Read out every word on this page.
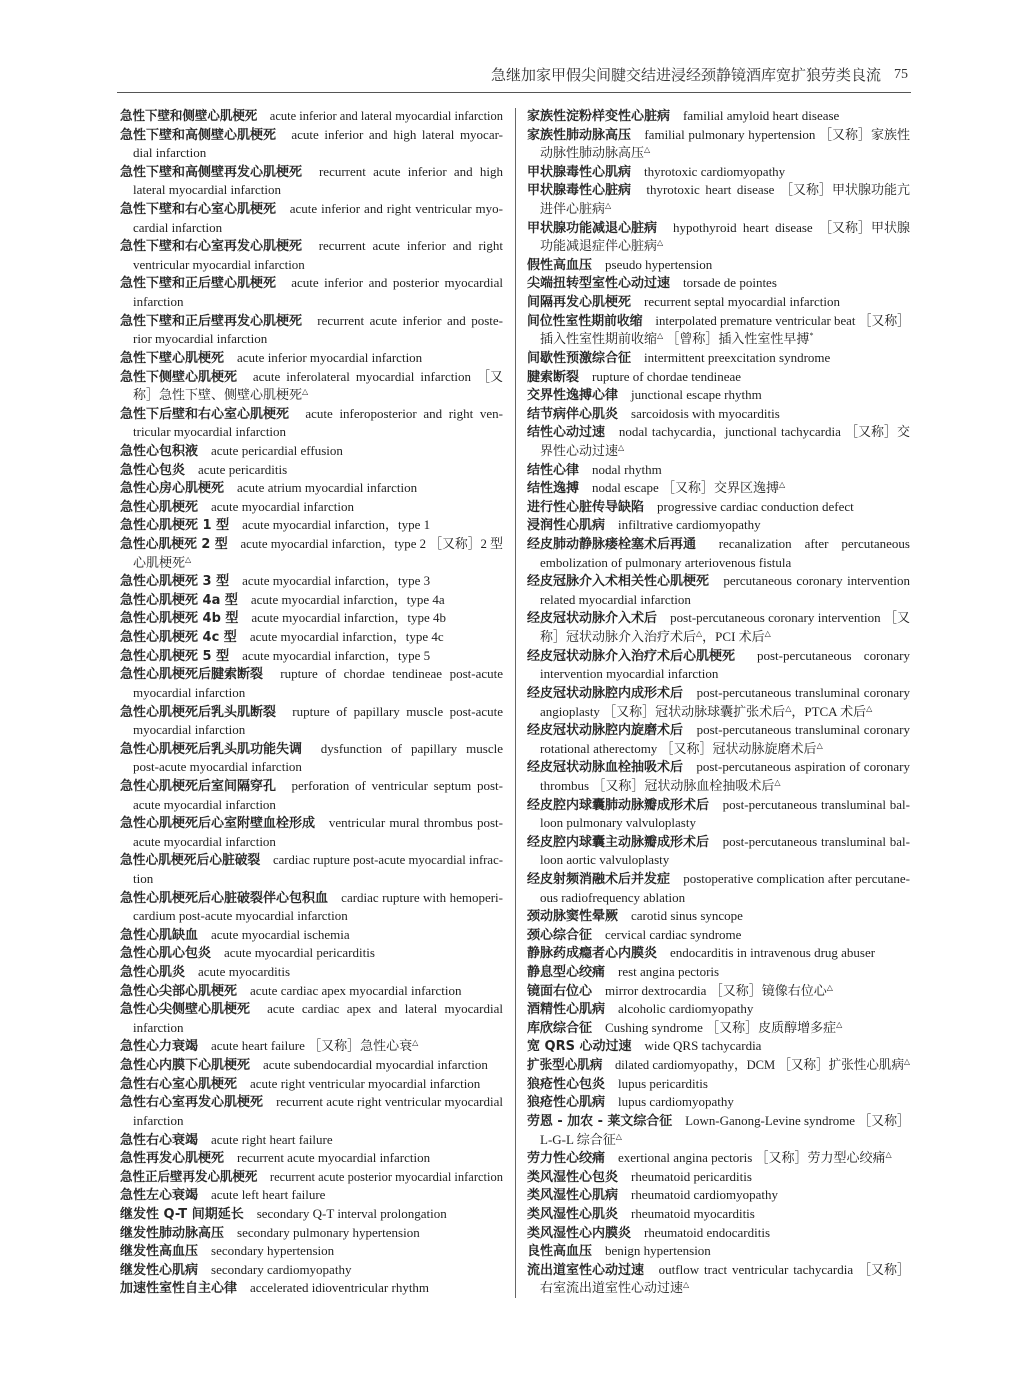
急继加家甲假尖间腱交结进浸经颈静镜酒库宽扩狼劳类良流 75
急性下壁和侧壁心肌梗死 acute inferior and lateral myocardial infarction
急性下壁和高侧壁心肌梗死 acute inferior and high lateral myocar-
dial infarction
急性下壁和高侧壁再发心肌梗死 recurrent acute inferior and high
lateral myocardial infarction
急性下壁和右心室心肌梗死 acute inferior and right ventricular myo-
cardial infarction
急性下壁和右心室再发心肌梗死 recurrent acute inferior and right
ventricular myocardial infarction
急性下壁和正后壁心肌梗死 acute inferior and posterior myocardial
infarction
急性下壁和正后壁再发心肌梗死 recurrent acute inferior and poste-
rior myocardial infarction
急性下壁心肌梗死 acute inferior myocardial infarction
急性下侧壁心肌梗死 acute inferolateral myocardial infarction ［又
称］急性下壁、侧壁心肌梗死△
急性下后壁和右心室心肌梗死 acute inferoposterior and right ven-
tricular myocardial infarction
急性心包积液 acute pericardial effusion
急性心包炎 acute pericarditis
急性心房心肌梗死 acute atrium myocardial infarction
急性心肌梗死 acute myocardial infarction
急性心肌梗死 1 型 acute myocardial infarction，type 1
急性心肌梗死 2 型 acute myocardial infarction，type 2 ［又称］2 型
心肌梗死△
急性心肌梗死 3 型 acute myocardial infarction，type 3
急性心肌梗死 4a 型 acute myocardial infarction，type 4a
急性心肌梗死 4b 型 acute myocardial infarction，type 4b
急性心肌梗死 4c 型 acute myocardial infarction，type 4c
急性心肌梗死 5 型 acute myocardial infarction，type 5
急性心肌梗死后腱索断裂 rupture of chordae tendineae post-acute
myocardial infarction
急性心肌梗死后乳头肌断裂 rupture of papillary muscle post-acute
myocardial infarction
急性心肌梗死后乳头肌功能失调 dysfunction of papillary muscle
post-acute myocardial infarction
急性心肌梗死后室间隔穿孔 perforation of ventricular septum post-
acute myocardial infarction
急性心肌梗死后心室附壁血栓形成 ventricular mural thrombus post-
acute myocardial infarction
急性心肌梗死后心脏破裂 cardiac rupture post-acute myocardial infrac-
tion
急性心肌梗死后心脏破裂伴心包积血 cardiac rupture with hemoperi-
cardium post-acute myocardial infarction
急性心肌缺血 acute myocardial ischemia
急性心肌心包炎 acute myocardial pericarditis
急性心肌炎 acute myocarditis
急性心尖部心肌梗死 acute cardiac apex myocardial infarction
急性心尖侧壁心肌梗死 acute cardiac apex and lateral myocardial
infarction
急性心力衰竭 acute heart failure ［又称］急性心衰△
急性心内膜下心肌梗死 acute subendocardial myocardial infarction
急性右心室心肌梗死 acute right ventricular myocardial infarction
急性右心室再发心肌梗死 recurrent acute right ventricular myocardial
infarction
急性右心衰竭 acute right heart failure
急性再发心肌梗死 recurrent acute myocardial infarction
急性正后壁再发心肌梗死 recurrent acute posterior myocardial infarction
急性左心衰竭 acute left heart failure
继发性 Q-T 间期延长 secondary Q-T interval prolongation
继发性肺动脉高压 secondary pulmonary hypertension
继发性高血压 secondary hypertension
继发性心肌病 secondary cardiomyopathy
加速性室性自主心律 accelerated idioventricular rhythm
家族性淀粉样变性心脏病 familial amyloid heart disease
家族性肺动脉高压 familial pulmonary hypertension ［又称］家族性
动脉性肺动脉高压△
甲状腺毒性心肌病 thyrotoxic cardiomyopathy
甲状腺毒性心脏病 thyrotoxic heart disease ［又称］甲状腺功能亢
进伴心脏病△
甲状腺功能减退心脏病 hypothyroid heart disease ［又称］甲状腺
功能减退症伴心脏病△
假性高血压 pseudo hypertension
尖端扭转型室性心动过速 torsade de pointes
间隔再发心肌梗死 recurrent septal myocardial infarction
间位性室性期前收缩 interpolated premature ventricular beat ［又称］
插入性室性期前收缩△ ［曾称］插入性室性早搏*
间歇性预激综合征 intermittent preexcitation syndrome
腱索断裂 rupture of chordae tendineae
交界性逸搏心律 junctional escape rhythm
结节病伴心肌炎 sarcoidosis with myocarditis
结性心动过速 nodal tachycardia，junctional tachycardia ［又称］交
界性心动过速△
结性心律 nodal rhythm
结性逸搏 nodal escape ［又称］交界区逸搏△
进行性心脏传导缺陷 progressive cardiac conduction defect
浸润性心肌病 infiltrative cardiomyopathy
经皮肺动静脉瘘栓塞术后再通 recanalization after percutaneous
embolization of pulmonary arteriovenous fistula
经皮冠脉介入术相关性心肌梗死 percutaneous coronary intervention
related myocardial infarction
经皮冠状动脉介入术后 post-percutaneous coronary intervention ［又
称］冠状动脉介入治疗术后△，PCI 术后△
经皮冠状动脉介入治疗术后心肌梗死 post-percutaneous coronary
intervention myocardial infarction
经皮冠状动脉腔内成形术后 post-percutaneous transluminal coronary
angioplasty ［又称］冠状动脉球囊扩张术后△，PTCA 术后△
经皮冠状动脉腔内旋磨术后 post-percutaneous transluminal coronary
rotational atherectomy ［又称］冠状动脉旋磨术后△
经皮冠状动脉血栓抽吸术后 post-percutaneous aspiration of coronary
thrombus ［又称］冠状动脉血栓抽吸术后△
经皮腔内球囊肺动脉瓣成形术后 post-percutaneous transluminal bal-
loon pulmonary valvuloplasty
经皮腔内球囊主动脉瓣成形术后 post-percutaneous transluminal bal-
loon aortic valvuloplasty
经皮射频消融术后并发症 postoperative complication after percutane-
ous radiofrequency ablation
颈动脉窦性晕厥 carotid sinus syncope
颈心综合征 cervical cardiac syndrome
静脉药成瘾者心内膜炎 endocarditis in intravenous drug abuser
静息型心绞痛 rest angina pectoris
镜面右位心 mirror dextrocardia ［又称］镜像右位心△
酒精性心肌病 alcoholic cardiomyopathy
库欣综合征 Cushing syndrome ［又称］皮质醇增多症△
宽 QRS 心动过速 wide QRS tachycardia
扩张型心肌病 dilated cardiomyopathy，DCM ［又称］扩张性心肌病△
狼疮性心包炎 lupus pericarditis
狼疮性心肌病 lupus cardiomyopathy
劳恩 - 加农 - 莱文综合征 Lown-Ganong-Levine syndrome ［又称］
L-G-L 综合征△
劳力性心绞痛 exertional angina pectoris ［又称］劳力型心绞痛△
类风湿性心包炎 rheumatoid pericarditis
类风湿性心肌病 rheumatoid cardiomyopathy
类风湿性心肌炎 rheumatoid myocarditis
类风湿性心内膜炎 rheumatoid endocarditis
良性高血压 benign hypertension
流出道室性心动过速 outflow tract ventricular tachycardia ［又称］
右室流出道室性心动过速△
